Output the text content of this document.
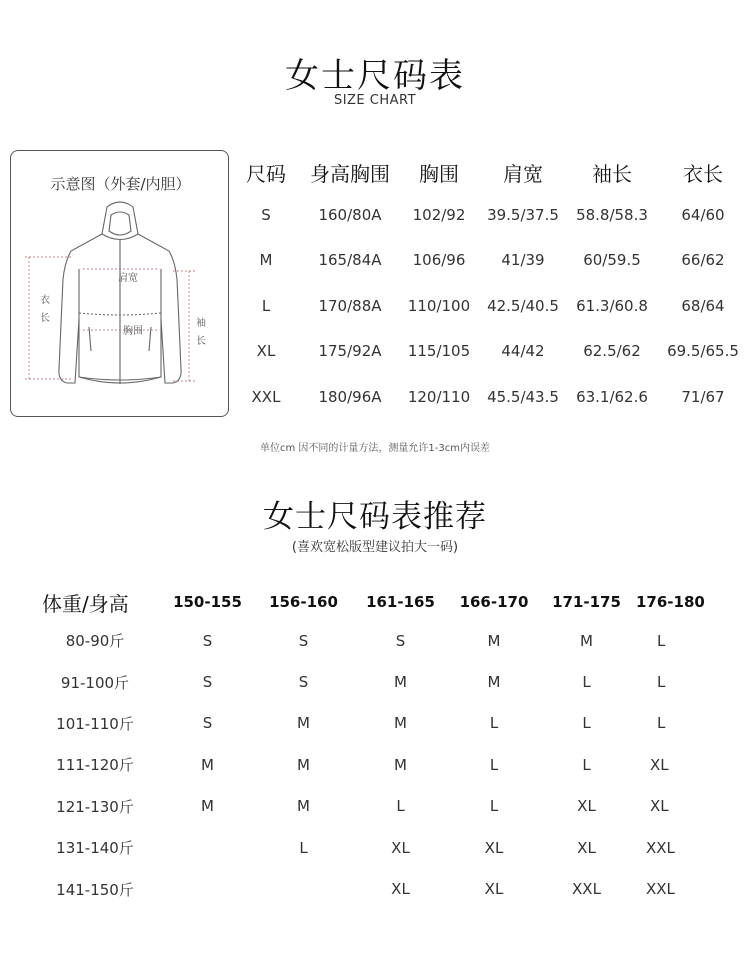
女士尺码表
SIZE CHART
示意图（外套/内胆）
肩宽
胸围
衣
长	袖
长
尺码	身高胸围	胸围	肩宽	袖长	衣长
S	160/80A	102/92	39.5/37.5	58.8/58.3	64/60
M	165/84A	106/96	41/39	60/59.5	66/62
L	170/88A	110/100	42.5/40.5	61.3/60.8	68/64
XL	175/92A	115/105	44/42	62.5/62	69.5/65.5
XXL	180/96A	120/110	45.5/43.5	63.1/62.6	71/67
单位cm 因不同的计量方法，测量允许1-3cm内误差
女士尺码表推荐
(喜欢宽松版型建议拍大一码)
体重/身高	150-155	156-160	161-165	166-170	171-175	176-180
80-90斤	S	S	S	M	M	L
91-100斤	S	S	M	M	L	L
101-110斤	S	M	M	L	L	L
111-120斤	M	M	M	L	L	XL
121-130斤	M	M	L	L	XL	XL
131-140斤		L	XL	XL	XL	XXL
141-150斤			XL	XL	XXL	XXL
